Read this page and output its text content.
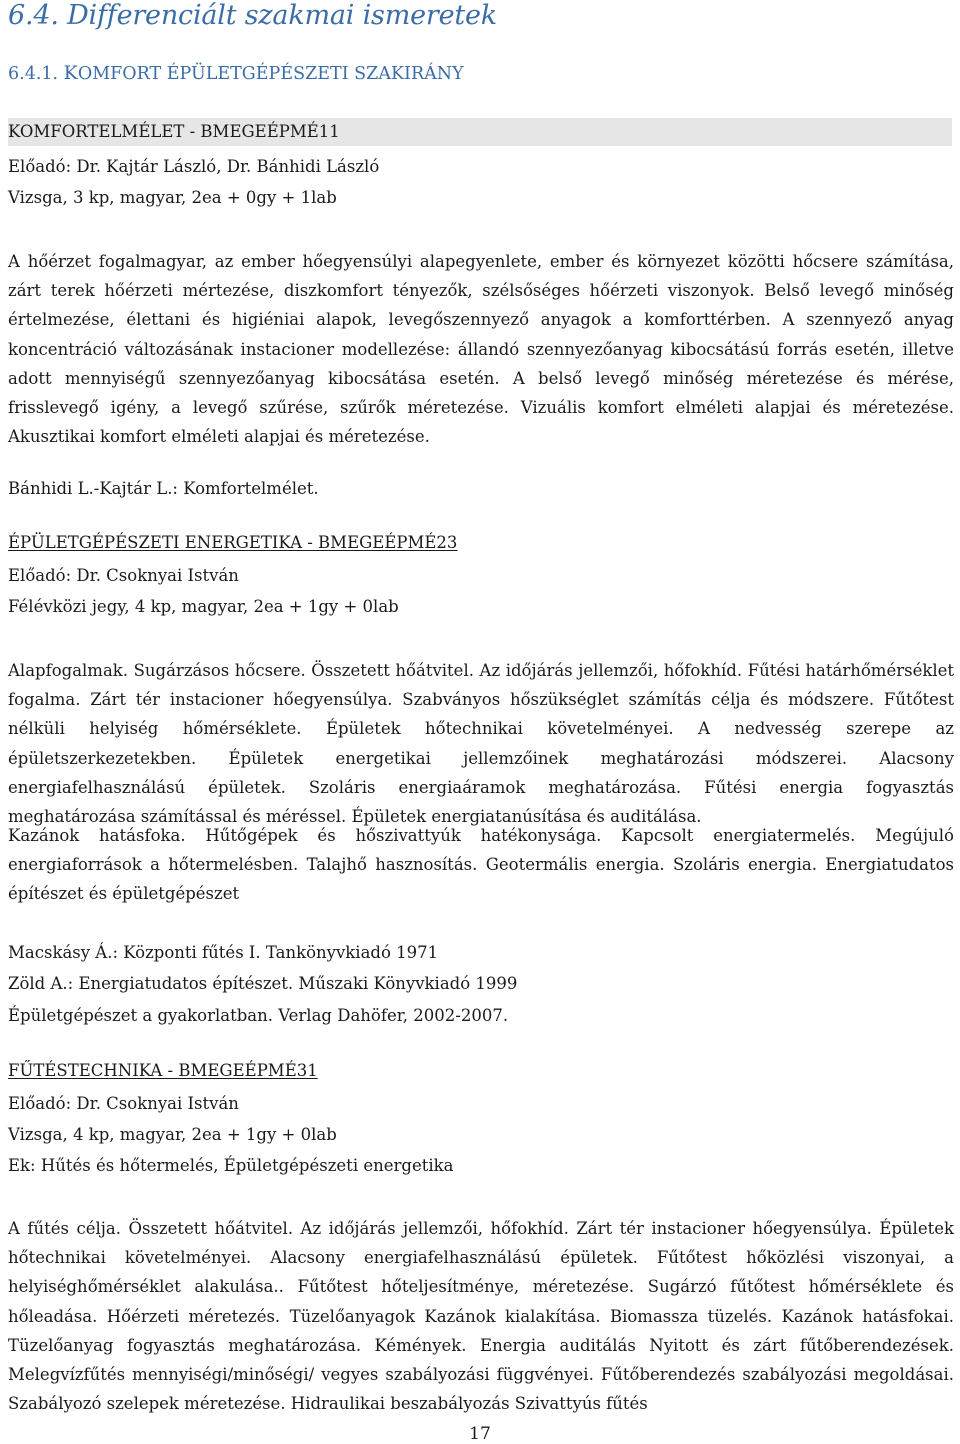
6.4. Differenciált szakmai ismeretek
6.4.1. KOMFORT ÉPÜLETGÉPÉSZETI SZAKIRÁNY
KOMFORTELMÉLET - BMEGEÉPMÉ11
Előadó: Dr. Kajtár László, Dr. Bánhidi László
Vizsga, 3 kp, magyar, 2ea + 0gy + 1lab

A hőérzet fogalmagyar, az ember hőegyensúlyi alapegyenlete, ember és környezet közötti hőcsere számítása, zárt terek hőérzeti mértezése, diszkomfort tényezők, szélsőséges hőérzeti viszonyok. Belső levegő minőség értelmezése, élettani és higiéniai alapok, levegőszennyező anyagok a komforttérben. A szennyező anyag koncentráció változásának instacioner modellezése: állandó szennyezőanyag kibocsátású forrás esetén, illetve adott mennyiségű szennyezőanyag kibocsátása esetén. A belső levegő minőség méretezése és mérése, frisslevegő igény, a levegő szűrése, szűrők méretezése. Vizuális komfort elméleti alapjai és méretezése. Akusztikai komfort elméleti alapjai és méretezése.

Bánhidi L.-Kajtár L.: Komfortelmélet.
ÉPÜLETGÉPÉSZETI ENERGETIKA - BMEGEÉPMÉ23
Előadó: Dr. Csoknyai István
Félévközi jegy, 4 kp, magyar, 2ea + 1gy + 0lab

Alapfogalmak. Sugárzásos hőcsere. Összetett hőátvitel. Az időjárás jellemzői, hőfokhíd. Fűtési határhőmérséklet fogalma. Zárt tér instacioner hőegyensúlya. Szabványos hőszükséglet számítás célja és módszere. Fűtőtest nélküli helyiség hőmérséklete. Épületek hőtechnikai követelményei. A nedvesség szerepe az épületszerkezetekben. Épületek energetikai jellemzőinek meghatározási módszerei. Alacsony energiafelhasználású épületek. Szoláris energiaáramok meghatározása. Fűtési energia fogyasztás meghatározása számítással és méréssel. Épületek energiatanúsítása és auditálása.

Kazánok hatásfoka. Hűtőgépek és hőszivattyúk hatékonysága. Kapcsolt energiatermelés. Megújuló energiaforrások a hőtermelésben. Talajhő hasznosítás. Geotermális energia. Szoláris energia. Energiatudatos építészet és épületgépészet

Macskásy Á.: Központi fűtés I. Tankönyvkiadó 1971
Zöld A.: Energiatudatos építészet. Műszaki Könyvkiadó 1999
Épületgépészet a gyakorlatban. Verlag Dahöfer, 2002-2007.
FŰTÉSTECHNIKA - BMEGEÉPMÉ31
Előadó: Dr. Csoknyai István
Vizsga, 4 kp, magyar, 2ea + 1gy + 0lab
Ek: Hűtés és hőtermelés, Épületgépészeti energetika

A fűtés célja. Összetett hőátvitel. Az időjárás jellemzői, hőfokhíd. Zárt tér instacioner hőegyensúlya. Épületek hőtechnikai követelményei. Alacsony energiafelhasználású épületek. Fűtőtest hőközlési viszonyai, a helyiséghőmérséklet alakulása.. Fűtőtest hőteljesítménye, méretezése. Sugárzó fűtőtest hőmérséklete és hőleadása. Hőérzeti méretezés. Tüzelőanyagok Kazánok kialakítása. Biomassza tüzelés. Kazánok hatásfokai. Tüzelőanyag fogyasztás meghatározása. Kémények. Energia auditálás Nyitott és zárt fűtőberendezések. Melegvízfűtés mennyiségi/minőségi/ vegyes szabályozási függvényei. Fűtőberendezés szabályozási megoldásai. Szabályozó szelepek méretezése. Hidraulikai beszabályozás Szivattyús fűtés

17
